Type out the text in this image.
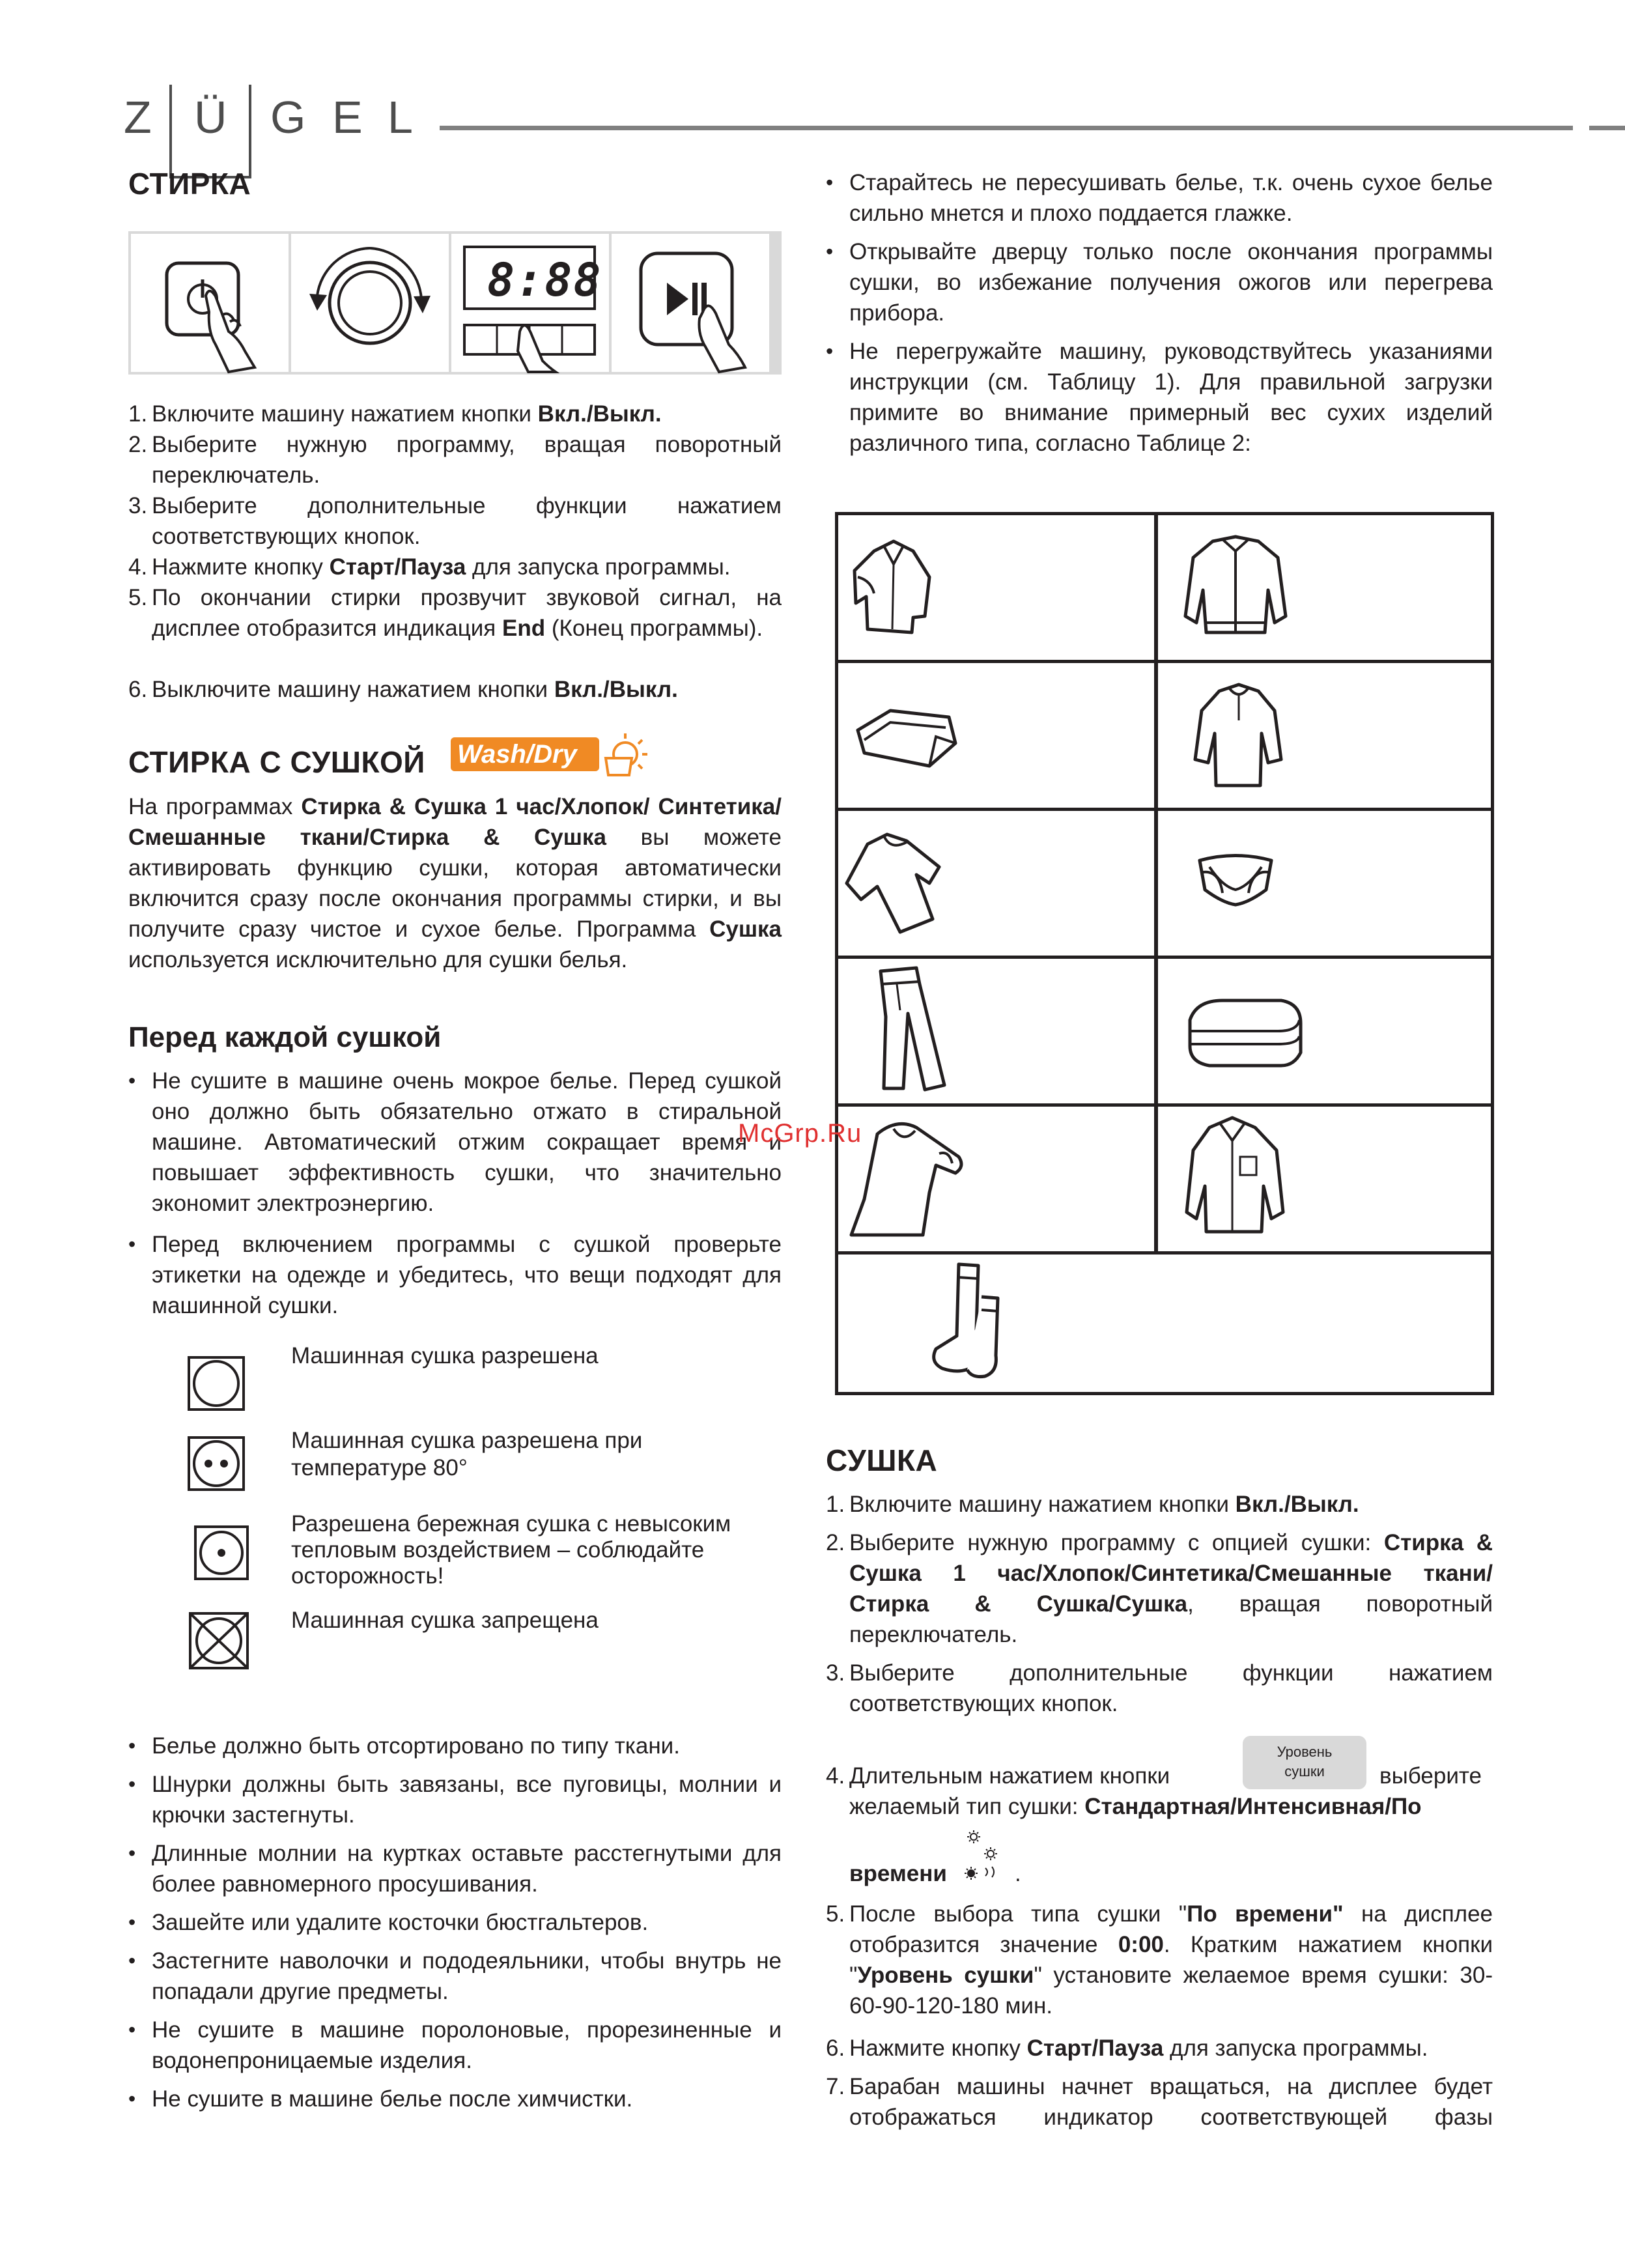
Z Ü G E L
СТИРКА
8:88
1. Включите машину нажатием кнопки Вкл./Выкл.
2. Выберите нужную программу, вращая поворотный переключатель.
3. Выберите дополнительные функции нажатием соответствующих кнопок.
4. Нажмите кнопку Старт/Пауза для запуска программы.
5. По окончании стирки прозвучит звуковой сигнал, на дисплее отобразится индикация End (Конец программы).
6. Выключите машину нажатием кнопки Вкл./Выкл.
СТИРКА С СУШКОЙ Wash/Dry
На программах Стирка & Сушка 1 час/Хлопок/ Синтетика/Смешанные ткани/Стирка & Сушка вы можете активировать функцию сушки, которая автоматически включится сразу после окончания программы стирки, и вы получите сразу чистое и сухое белье. Программа Сушка используется исключительно для сушки белья.
Перед каждой сушкой
• Не сушите в машине очень мокрое белье. Перед сушкой оно должно быть обязательно отжато в стиральной машине. Автоматический отжим сокращает время и повышает эффективность сушки, что значительно экономит электроэнергию.
• Перед включением программы с сушкой проверьте этикетки на одежде и убедитесь, что вещи подходят для машинной сушки.
Машинная сушка разрешена
Машинная сушка разрешена при температуре 80°
Разрешена бережная сушка с невысоким тепловым воздействием – соблюдайте осторожность!
Машинная сушка запрещена
• Белье должно быть отсортировано по типу ткани.
• Шнурки должны быть завязаны, все пуговицы, молнии и крючки застегнуты.
• Длинные молнии на куртках оставьте расстегнутыми для более равномерного просушивания.
• Зашейте или удалите косточки бюстгальтеров.
• Застегните наволочки и пододеяльники, чтобы внутрь не попадали другие предметы.
• Не сушите в машине поролоновые, прорезиненные и водонепроницаемые изделия.
• Не сушите в машине белье после химчистки.
• Старайтесь не пересушивать белье, т.к. очень сухое белье сильно мнется и плохо поддается глажке.
• Открывайте дверцу только после окончания программы сушки, во избежание получения ожогов или перегрева прибора.
• Не перегружайте машину, руководствуйтесь указаниями инструкции (см. Таблицу 1). Для правильной загрузки примите во внимание примерный вес сухих изделий различного типа, согласно Таблице 2:
McGrp.Ru
СУШКА
1. Включите машину нажатием кнопки Вкл./Выкл.
2. Выберите нужную программу с опцией сушки: Стирка & Сушка 1 час/Хлопок/Синтетика/Смешанные ткани/Стирка & Сушка/Сушка, вращая поворотный переключатель.
3. Выберите дополнительные функции нажатием соответствующих кнопок.
4. Длительным нажатием кнопки
Уровень сушки	выберите
желаемый тип сушки: Стандартная/Интенсивная/По
времени	.
5. После выбора типа сушки "По времени" на дисплее отобразится значение 0:00. Кратким нажатием кнопки "Уровень сушки" установите желаемое время сушки: 30-60-90-120-180 мин.
6. Нажмите кнопку Старт/Пауза для запуска программы.
7. Барабан машины начнет вращаться, на дисплее будет отображаться индикатор соответствующей фазы
